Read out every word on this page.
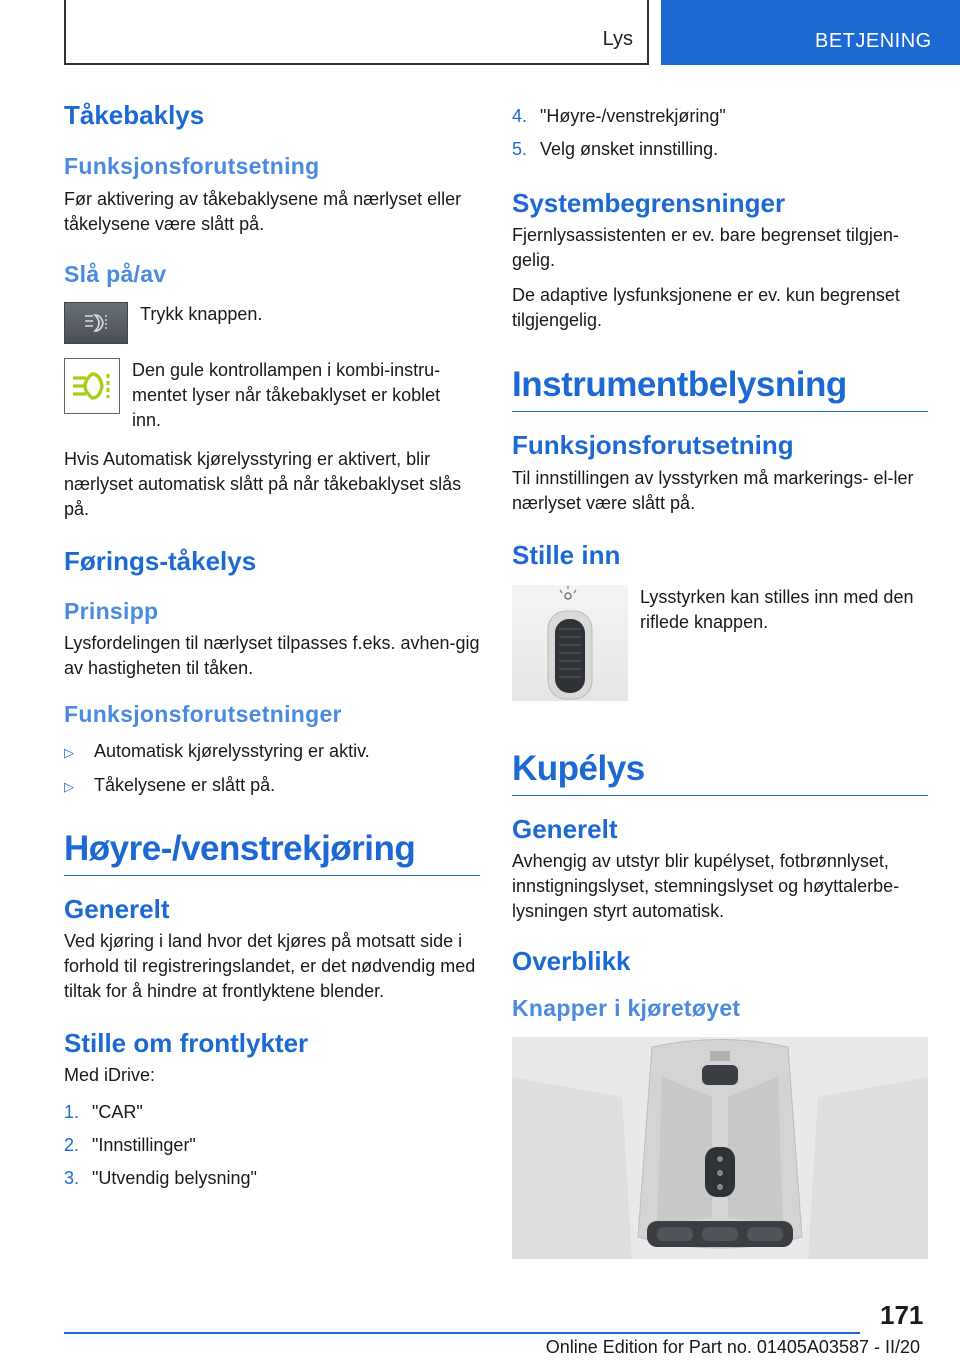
Lys	BETJENING
Tåkebaklys
Funksjonsforutsetning

Før aktivering av tåkebaklysene må nærlyset eller tåkelysene være slått på.

Slå på/av
Trykk knappen.
Den gule kontrollampen i kombi-instru-mentet lyser når tåkebaklyset er koblet inn.

Hvis Automatisk kjørelysstyring er aktivert, blir nærlyset automatisk slått på når tåkebaklyset slås på.

Førings-tåkelys
Prinsipp

Lysfordelingen til nærlyset tilpasses f.eks. avhen-gig av hastigheten til tåken.

Funksjonsforutsetninger
▷	Automatisk kjørelysstyring er aktiv.
▷	Tåkelysene er slått på.
Høyre-/venstrekjøring
Generelt

Ved kjøring i land hvor det kjøres på motsatt side i forhold til registreringslandet, er det nødvendig med tiltak for å hindre at frontlyktene blender.

Stille om frontlykter

Med iDrive:

1. "CAR"
2. "Innstillinger"
3. "Utvendig belysning"
4. "Høyre-/venstrekjøring"
5. Velg ønsket innstilling.
Systembegrensninger

Fjernlysassistenten er ev. bare begrenset tilgjen-gelig.

De adaptive lysfunksjonene er ev. kun begrenset tilgjengelig.

Instrumentbelysning
Funksjonsforutsetning

Til innstillingen av lysstyrken må markerings- el-ler nærlyset være slått på.

Stille inn
Lysstyrken kan stilles inn med den riflede knappen.
Kupélys
Generelt

Avhengig av utstyr blir kupélyset, fotbrønnlyset, innstigningslyset, stemningslyset og høyttalerbe-lysningen styrt automatisk.

Overblikk
Knapper i kjøretøyet
171
Online Edition for Part no. 01405A03587 - II/20
